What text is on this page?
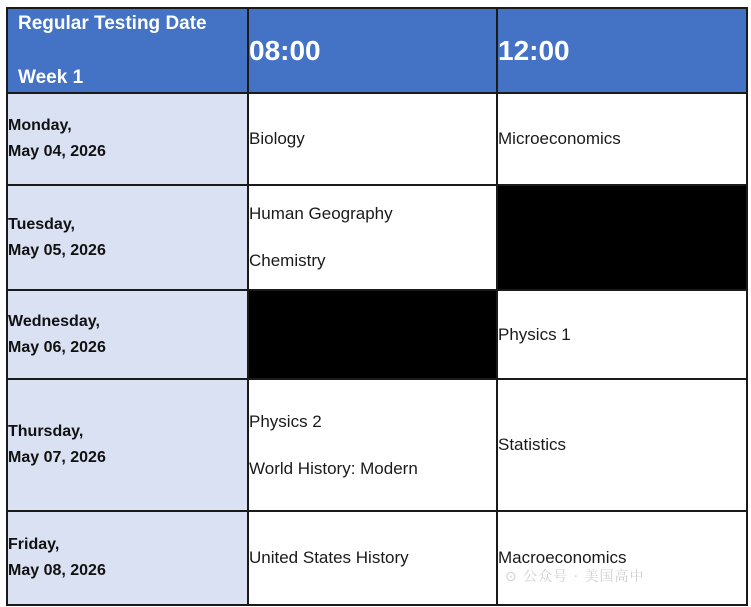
Regular Testing Date
Week 1	08:00	12:00

Monday,
May 04, 2026	Biology	Microeconomics

Tuesday,
May 05, 2026	Human Geography
Chemistry	

Wednesday,
May 06, 2026		Physics 1

Thursday,
May 07, 2026	Physics 2
World History: Modern	Statistics

Friday,
May 08, 2026	United States History	Macroeconomics
⊙ 公众号 · 美国高中
